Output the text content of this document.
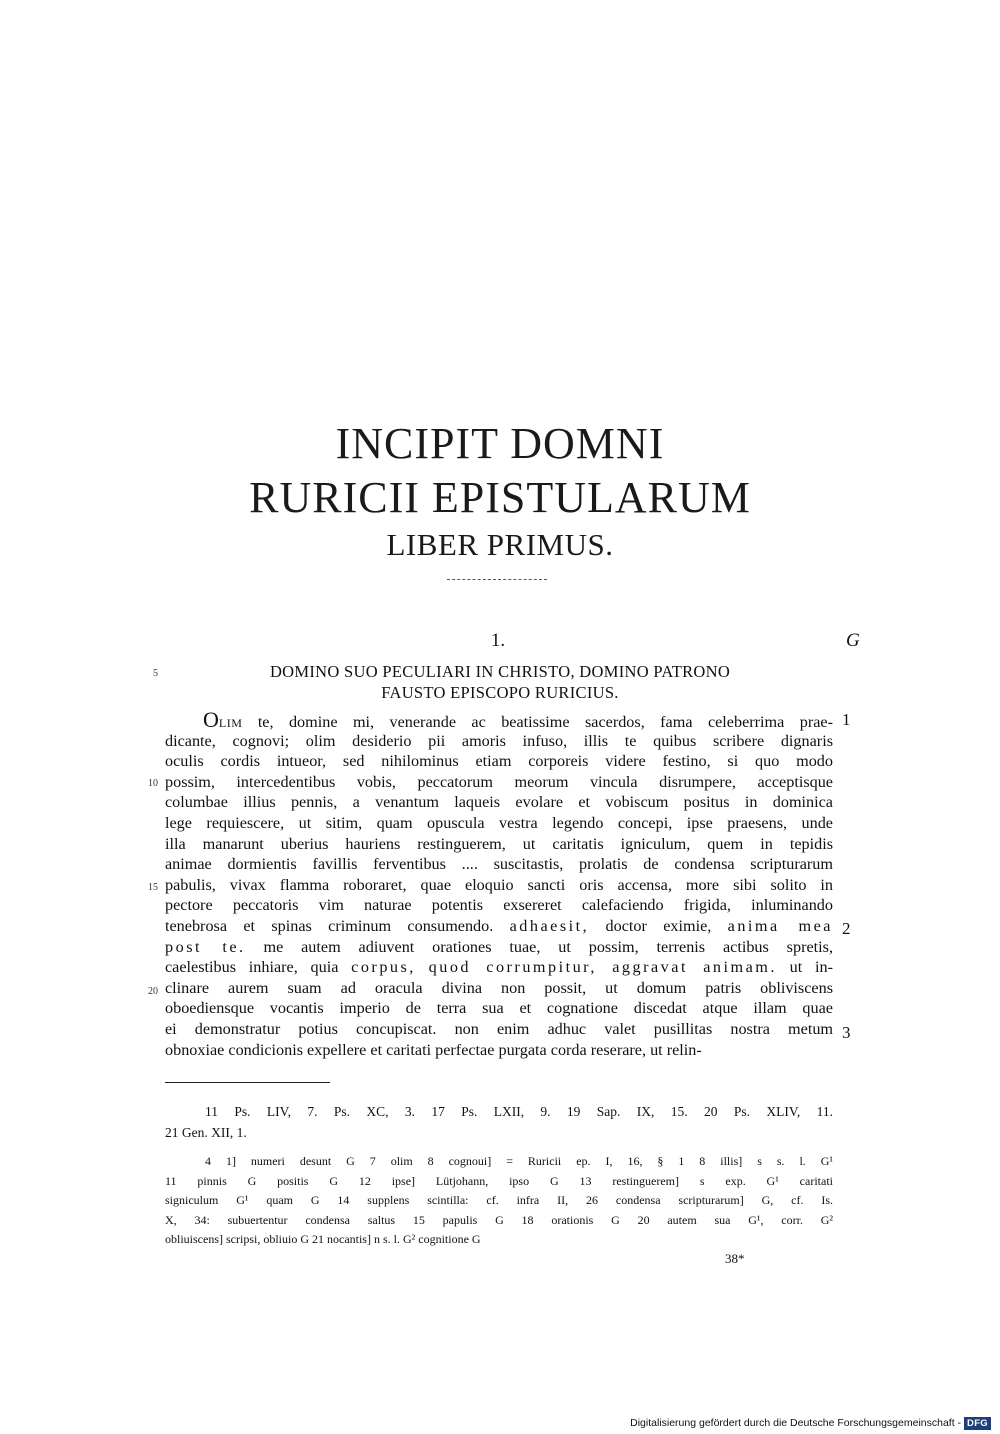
INCIPIT DOMNI
RURICII EPISTULARUM
LIBER PRIMUS.
1.	G
5	DOMINO SUO PECULIARI IN CHRISTO, DOMINO PATRONO
FAUSTO EPISCOPO RURICIUS.
OLIM te, domine mi, venerande ac beatissime sacerdos, fama celeberrima prae-
dicante, cognovi; olim desiderio pii amoris infuso, illis te quibus scribere dignaris
oculis cordis intueor, sed nihilominus etiam corporeis videre festino, si quo modo
possim, intercedentibus vobis, peccatorum meorum vincula disrumpere, acceptisque
columbae illius pennis, a venantum laqueis evolare et vobiscum positus in dominica
lege requiescere, ut sitim, quam opuscula vestra legendo concepi, ipse praesens, unde
illa manarunt uberius hauriens restinguerem, ut caritatis igniculum, quem in tepidis
animae dormientis favillis ferventibus .... suscitastis, prolatis de condensa scripturarum
pabulis, vivax flamma roboraret, quae eloquio sancti oris accensa, more sibi solito in
pectore peccatoris vim naturae potentis exsereret calefaciendo frigida, inluminando
tenebrosa et spinas criminum consumendo. adhaesit, doctor eximie, anima mea
post te. me autem adiuvent orationes tuae, ut possim, terrenis actibus spretis,
caelestibus inhiare, quia corpus, quod corrumpitur, aggravat animam. ut in-
clinare aurem suam ad oracula divina non possit, ut domum patris obliviscens
oboediensque vocantis imperio de terra sua et cognatione discedat atque illam quae
ei demonstratur potius concupiscat. non enim adhuc valet pusillitas nostra metum
obnoxiae condicionis expellere et caritati perfectae purgata corda reserare, ut relin-
10
15
20
1
2
3
11 Ps. LIV, 7. Ps. XC, 3. 17 Ps. LXII, 9. 19 Sap. IX, 15. 20 Ps. XLIV, 11.
21 Gen. XII, 1.
4 1] numeri desunt G 7 olim 8 cognoui] = Ruricii ep. I, 16, § 1 8 illis] s s. l. G¹
11 pinnis G positis G 12 ipse] Lütjohann, ipso G 13 restinguerem] s exp. G¹ caritati
signiculum G¹ quam G 14 supplens scintilla: cf. infra II, 26 condensa scripturarum] G, cf. Is.
X, 34: subuertentur condensa saltus 15 papulis G 18 orationis G 20 autem sua G¹, corr. G²
obliuiscens] scripsi, obliuio G 21 nocantis] n s. l. G² cognitione G
38*
Digitalisierung gefördert durch die Deutsche Forschungsgemeinschaft - DFG
